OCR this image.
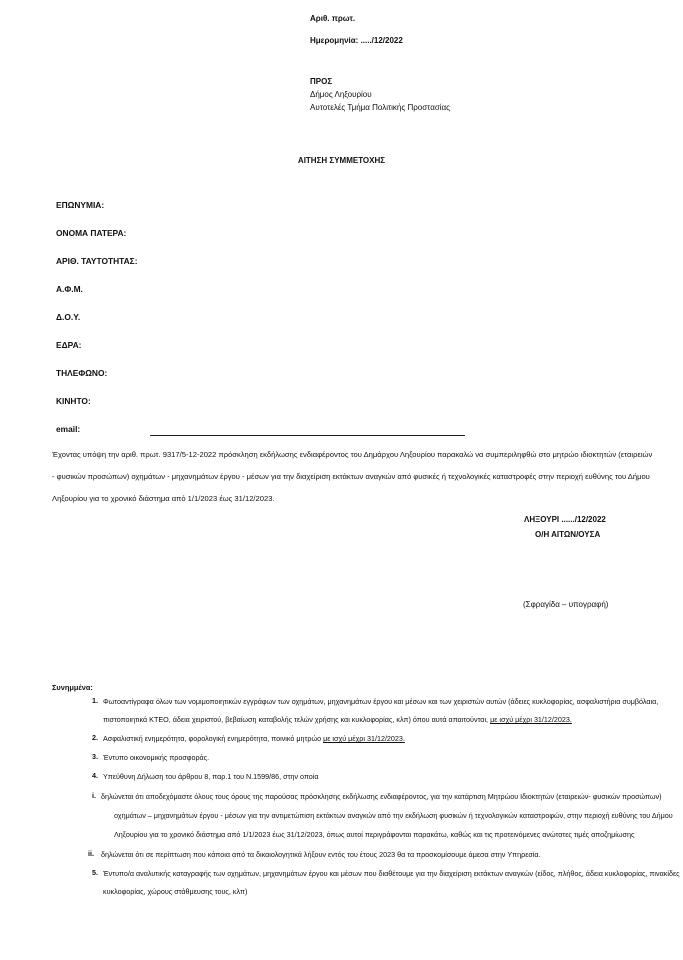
Αριθ. πρωτ.
Ημερομηνία: ...../12/2022
ΠΡΟΣ
Δήμος Ληξουρίου
Αυτοτελές Τμήμα Πολιτικής Προστασίας
ΑΙΤΗΣΗ ΣΥΜΜΕΤΟΧΗΣ
ΕΠΩΝΥΜΙΑ:
ΟΝΟΜΑ ΠΑΤΕΡΑ:
ΑΡΙΘ. ΤΑΥΤΟΤΗΤΑΣ:
Α.Φ.Μ.
Δ.Ο.Υ.
ΕΔΡΑ:
ΤΗΛΕΦΩΝΟ:
ΚΙΝΗΤΟ:
email:
Έχοντας υπόψη την αριθ. πρωτ. 9317/5-12-2022 πρόσκληση εκδήλωσης ενδιαφέροντος του Δημάρχου Ληξουρίου παρακαλώ να συμπεριληφθώ στο μητρώο ιδιοκτητών (εταιρειών
- φυσικών προσώπων) οχημάτων - μηχανημάτων έργου - μέσων για την διαχείριση εκτάκτων αναγκών από φυσικές ή τεχνολογικές καταστροφές στην περιοχή ευθύνης του Δήμου
Ληξουρίου για το χρονικό διάστημα από 1/1/2023 έως 31/12/2023.
ΛΗΞΟΥΡΙ ....../12/2022
Ο/Η ΑΙΤΩΝ/ΟΥΣΑ
(Σφραγίδα – υπογραφή)
Συνημμένα:
1. Φωτοαντίγραφα όλων των νομιμοποιητικών εγγράφων των οχημάτων, μηχανημάτων έργου και μέσων και των χειριστών αυτών (άδειες κυκλοφορίας, ασφαλιστήρια συμβόλαια,
πιστοποιητικά ΚΤΕΟ, άδεια χειριστού, βεβαίωση καταβολής τελών χρήσης και κυκλοφορίας, κλπ) όπου αυτά απαιτούνται, με ισχύ μέχρι 31/12/2023.
2. Ασφαλιστική ενημερότητα, φορολογική ενημερότητα, ποινικό μητρώο με ισχύ μέχρι 31/12/2023.
3. Έντυπο οικονομικής προσφοράς.
4. Υπεύθυνη Δήλωση του άρθρου 8, παρ.1 του Ν.1599/86, στην οποία
i. δηλώνεται ότι αποδεχόμαστε όλους τους όρους της παρούσας πρόσκλησης εκδήλωσης ενδιαφέροντος, για την κατάρτιση Μητρώου Ιδιοκτητών (εταιρειών- φυσικών προσώπων)
οχημάτων – μηχανημάτων έργου - μέσων για την αντιμετώπιση εκτάκτων αναγκών από την εκδήλωση φυσικών ή τεχνολογικών καταστροφών, στην περιοχή ευθύνης του Δήμου
Ληξουρίου για το χρονικό διάστημα από 1/1/2023 έως 31/12/2023, όπως αυτοί περιγράφονται παρακάτω, καθώς και τις προτεινόμενες ανώτατες τιμές αποζημίωσης
ii. δηλώνεται ότι σε περίπτωση που κάποια από τα δικαιολογητικά λήξουν εντός του έτους 2023 θα τα προσκομίσουμε άμεσα στην Υπηρεσία.
5. Έντυπο/α αναλυτικής καταγραφής των οχημάτων, μηχανημάτων έργου και μέσων που διαθέτουμε για την διαχείριση εκτάκτων αναγκών (είδος, πλήθος, άδεια κυκλοφορίας, πινακίδες
κυκλοφορίας, χώρους στάθμευσης τους, κλπ)
